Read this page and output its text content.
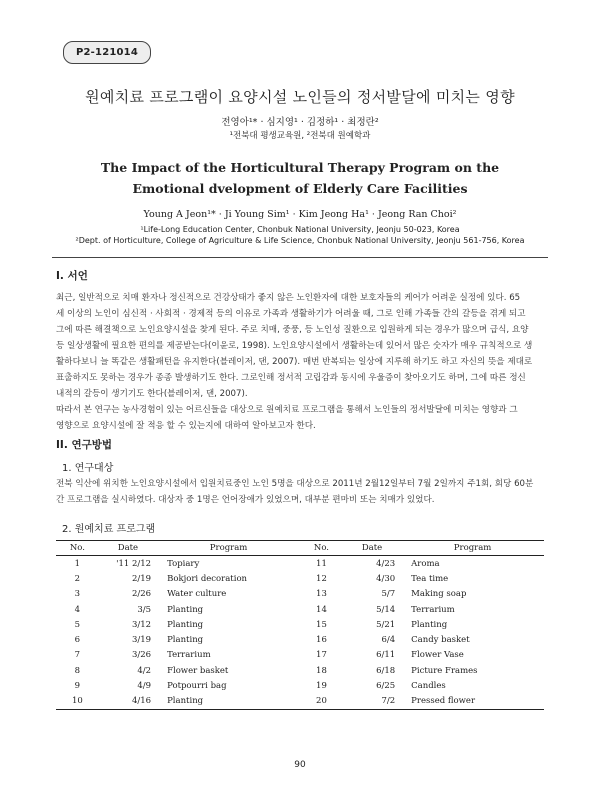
P2-121014
원예치료 프로그램이 요양시설 노인들의 정서발달에 미치는 영향
전영아¹* · 심지영¹ · 김정하¹ · 최정란²
¹전북대 평생교육원, ²전북대 원예학과
The Impact of the Horticultural Therapy Program on the
Emotional dvelopment of Elderly Care Facilities
Young A Jeon¹* · Ji Young Sim¹ · Kim Jeong Ha¹ · Jeong Ran Choi²
¹Life-Long Education Center, Chonbuk National University, Jeonju 50-023, Korea
²Dept. of Horticulture, College of Agriculture & Life Science, Chonbuk National University, Jeonju 561-756, Korea
I. 서언
최근, 일반적으로 치매 환자나 정신적으로 건강상태가 좋지 않은 노인환자에 대한 보호자들의 케어가 어려운 실정에 있다. 65
세 이상의 노인이 심신적 · 사회적 · 경제적 등의 이유로 가족과 생활하기가 어려울 때, 그로 인해 가족들 간의 갈등을 겪게 되고
그에 따른 해결책으로 노인요양시설을 찾게 된다. 주로 치매, 중풍, 등 노인성 질환으로 입원하게 되는 경우가 많으며 급식, 요양
등 일상생활에 필요한 편의를 제공받는다(이윤로, 1998). 노인요양시설에서 생활하는데 있어서 많은 숫자가 매우 규칙적으로 생
활하다보니 늘 똑같은 생활패턴을 유지한다(블레이저, 댄, 2007). 매번 반복되는 일상에 지루해 하기도 하고 자신의 뜻을 제대로
표출하지도 못하는 경우가 종종 발생하기도 한다. 그로인해 정서적 고립감과 동시에 우울증이 찾아오기도 하며, 그에 따른 정신
내적의 갈등이 생기기도 한다(블레이저, 댄, 2007).
따라서 본 연구는 농사경험이 있는 어르신들을 대상으로 원예치료 프로그램을 통해서 노인들의 정서발달에 미치는 영향과 그
영향으로 요양시설에 잘 적응 할 수 있는지에 대하여 알아보고자 한다.
II. 연구방법
1. 연구대상
전북 익산에 위치한 노인요양시설에서 입원치료중인 노인 5명을 대상으로 2011년 2월12일부터 7월 2일까지 주1회, 회당 60분
간 프로그램을 실시하였다. 대상자 중 1명은 언어장애가 있었으며, 대부분 편마비 또는 치매가 있었다.
2. 원예치료 프로그램
No.	Date	Program	No.	Date	Program
1	'11 2/12	Topiary	11	4/23	Aroma
2	2/19	Bokjori decoration	12	4/30	Tea time
3	2/26	Water culture	13	5/7	Making soap
4	3/5	Planting	14	5/14	Terrarium
5	3/12	Planting	15	5/21	Planting
6	3/19	Planting	16	6/4	Candy basket
7	3/26	Terrarium	17	6/11	Flower Vase
8	4/2	Flower basket	18	6/18	Picture Frames
9	4/9	Potpourri bag	19	6/25	Candles
10	4/16	Planting	20	7/2	Pressed flower
90
